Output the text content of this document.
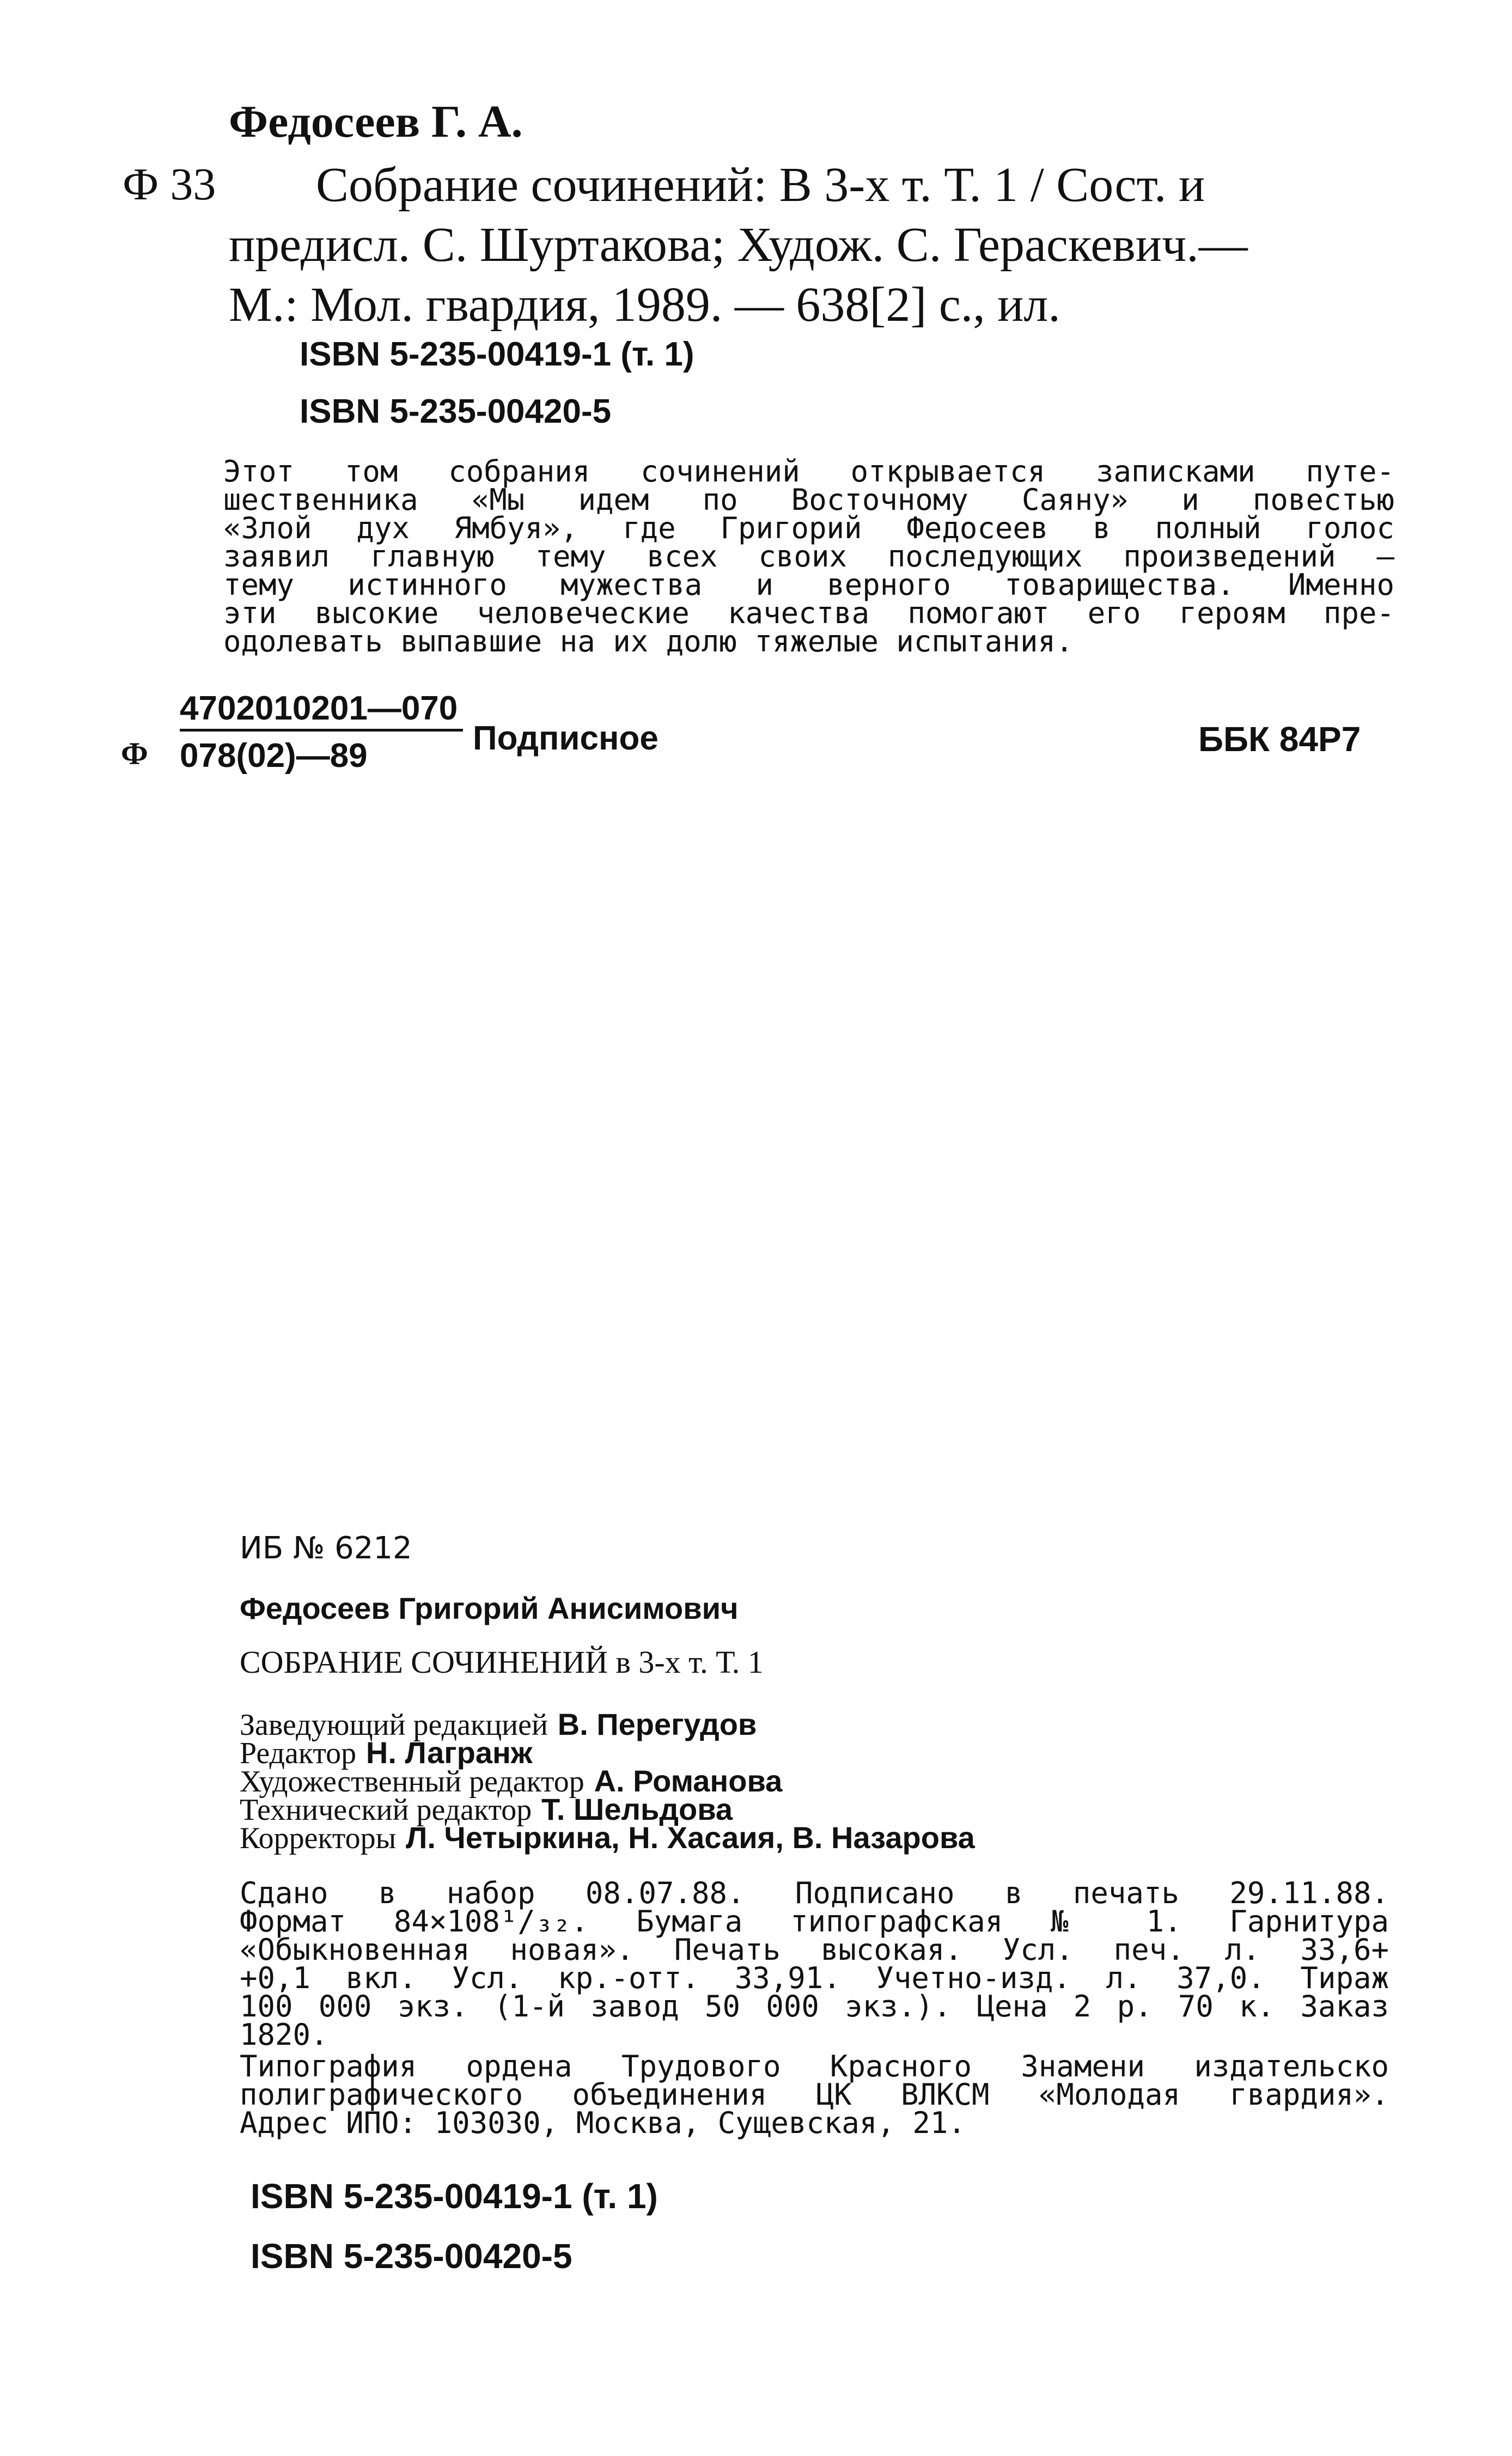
Федосеев Г. А.
Ф 33 Собрание сочинений: В 3-х т. Т. 1 / Сост. и
предисл. С. Шуртакова; Худож. С. Гераскевич.—
М.: Мол. гвардия, 1989. — 638[2] с., ил.
ISBN 5-235-00419-1 (т. 1)
ISBN 5-235-00420-5
Этот том собрания сочинений открывается записками путе-
шественника «Мы идем по Восточному Саяну» и повестью
«Злой дух Ямбуя», где Григорий Федосеев в полный голос
заявил главную тему всех своих последующих произведений —
тему истинного мужества и верного товарищества. Именно
эти высокие человеческие качества помогают его героям пре-
одолевать выпавшие на их долю тяжелые испытания.
Ф
4702010201—070
078(02)—89	Подписное	ББК 84Р7
ИБ № 6212
Федосеев Григорий Анисимович
СОБРАНИЕ СОЧИНЕНИЙ в 3-х т. Т. 1
Заведующий редакцией В. Перегудов
Редактор Н. Лагранж
Художественный редактор А. Романова
Технический редактор Т. Шельдова
Корректоры Л. Четыркина, Н. Хасаия, В. Назарова
Сдано в набор 08.07.88. Подписано в печать 29.11.88.
Формат 84×108¹/₃₂. Бумага типографская № 1. Гарнитура
«Обыкновенная новая». Печать высокая. Усл. печ. л. 33,6+
+0,1 вкл. Усл. кр.-отт. 33,91. Учетно-изд. л. 37,0. Тираж
100 000 экз. (1-й завод 50 000 экз.). Цена 2 р. 70 к. Заказ 1820.
Типография ордена Трудового Красного Знамени издательско
полиграфического объединения ЦК ВЛКСМ «Молодая гвардия».
Адрес ИПО: 103030, Москва, Сущевская, 21.
ISBN 5-235-00419-1 (т. 1)
ISBN 5-235-00420-5
